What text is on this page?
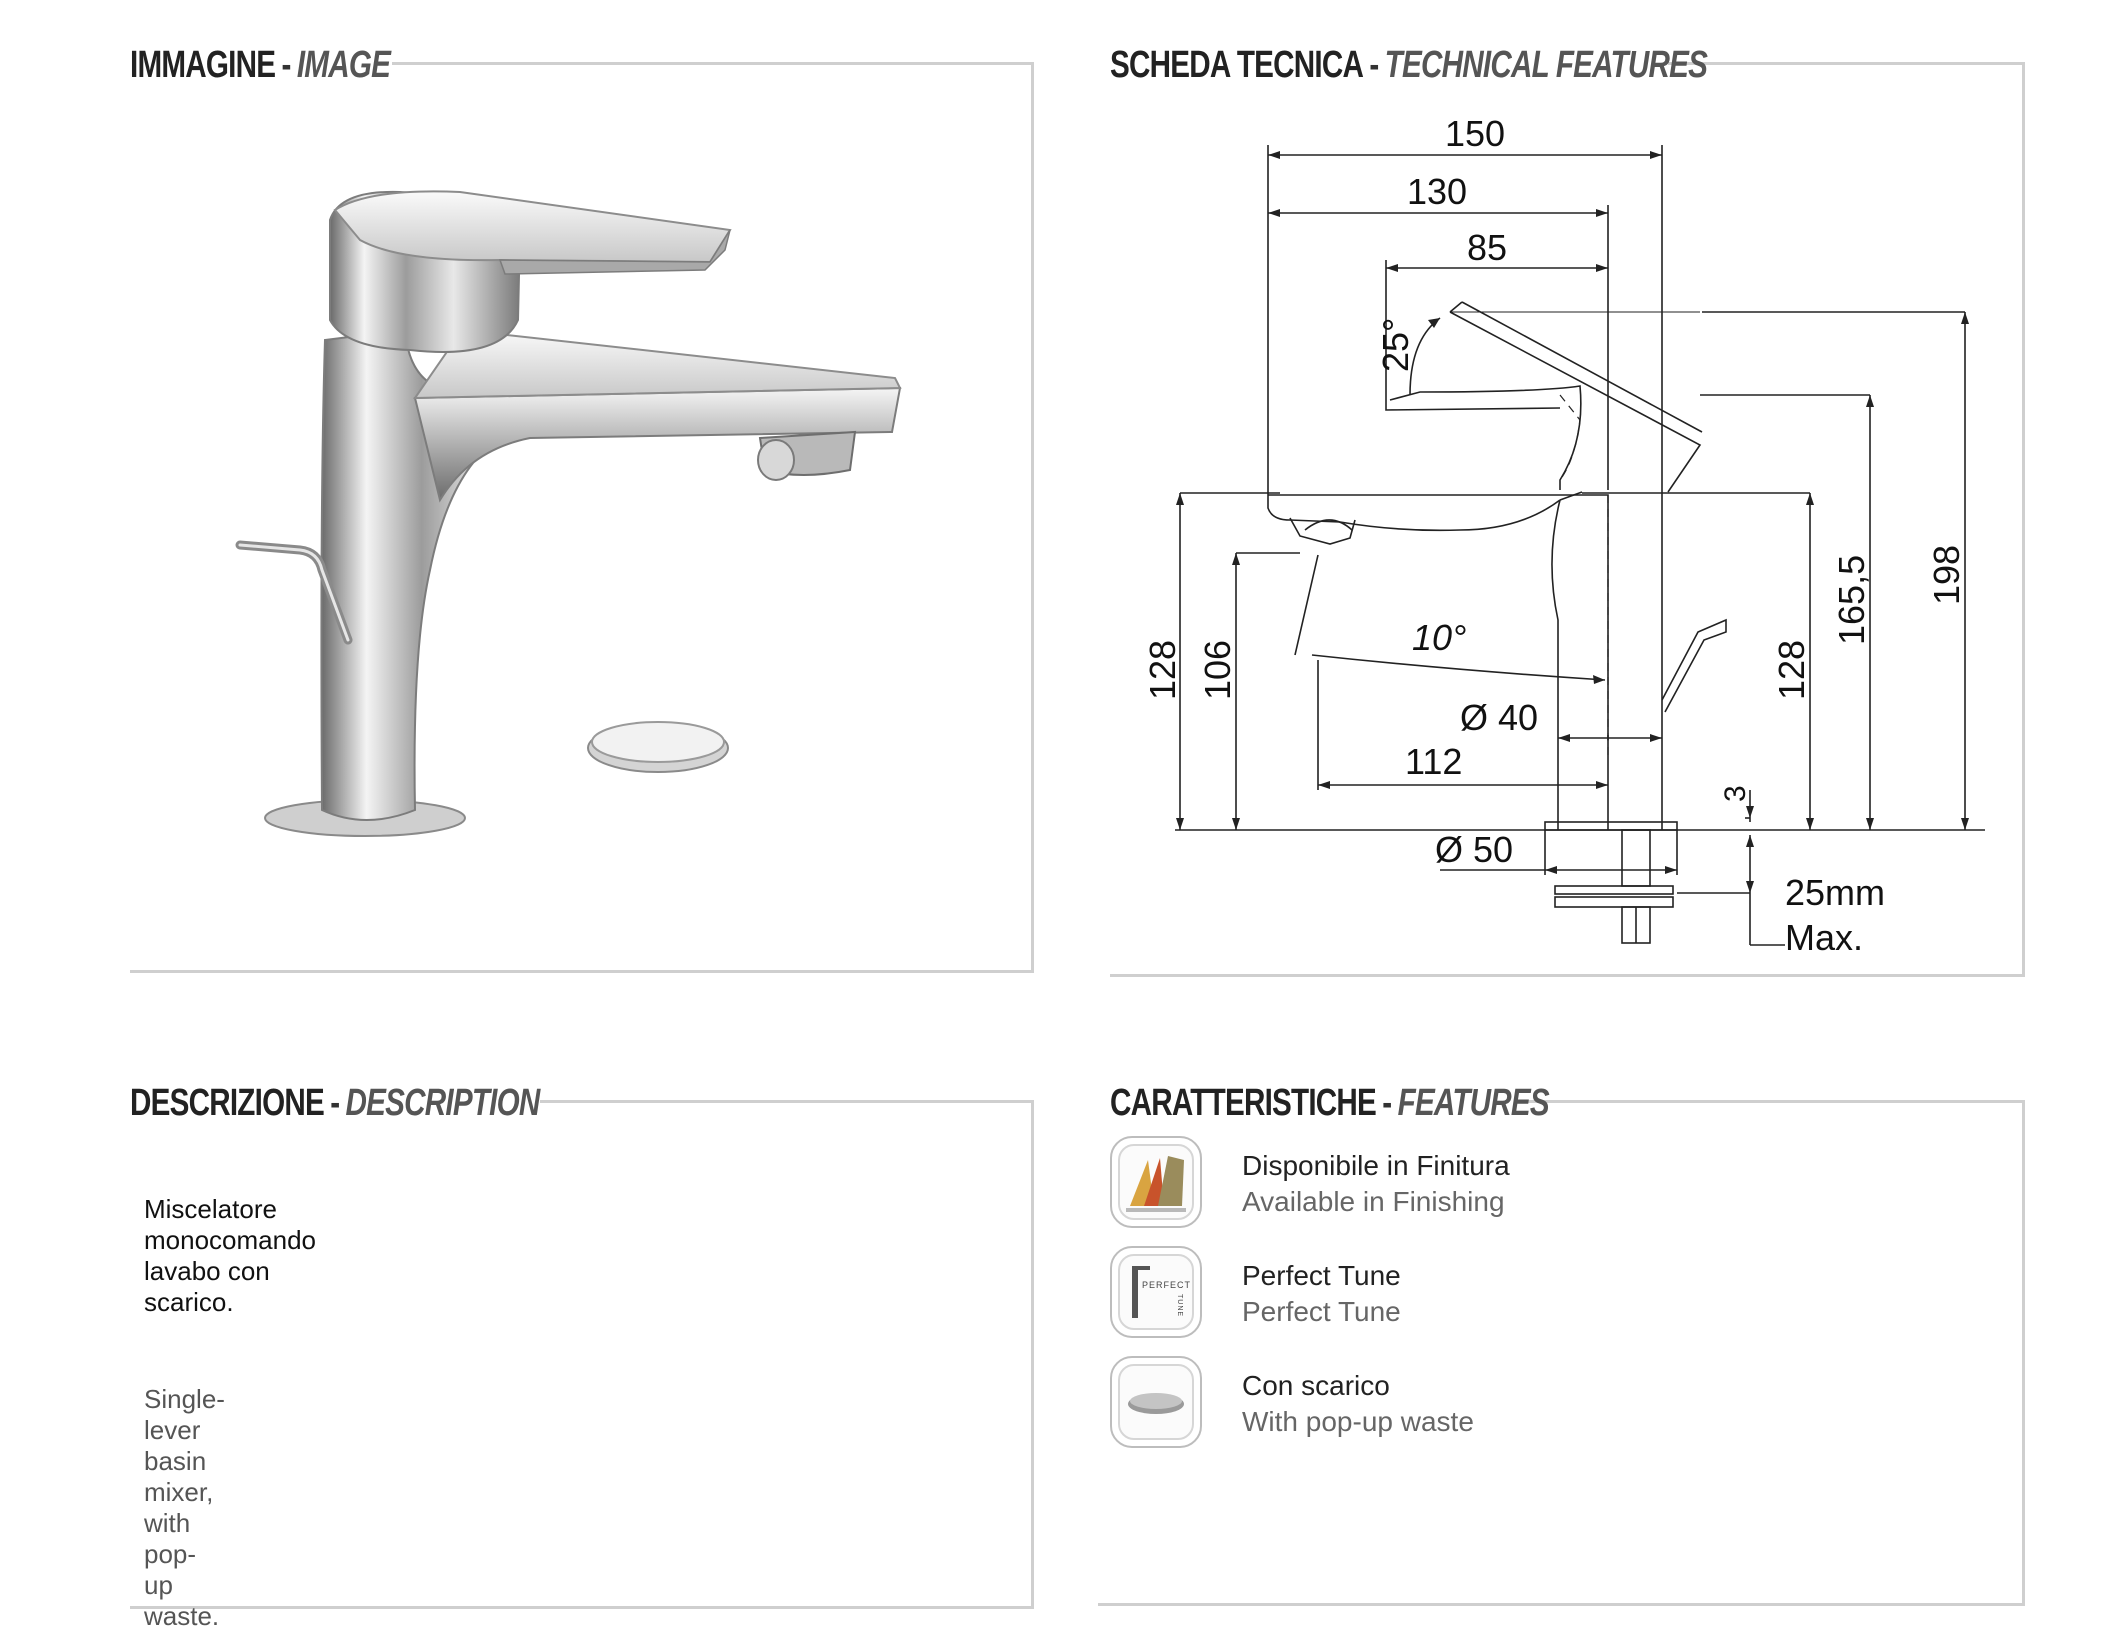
IMMAGINE - IMAGE	SCHEDA TECNICA - TECHNICAL FEATURES
150
130
85
25°
10°
128 106
Ø 40
112
Ø 50
3
128
165,5 198
25mm
Max.
DESCRIZIONE - DESCRIPTION
Miscelatore monocomando lavabo con scarico.
Single-lever basin mixer, with pop-up waste.
CARATTERISTICHE - FEATURES
Disponibile in Finitura
Available in Finishing
PERFECT
TUNE
Perfect Tune
Perfect Tune
Con scarico
With pop-up waste
